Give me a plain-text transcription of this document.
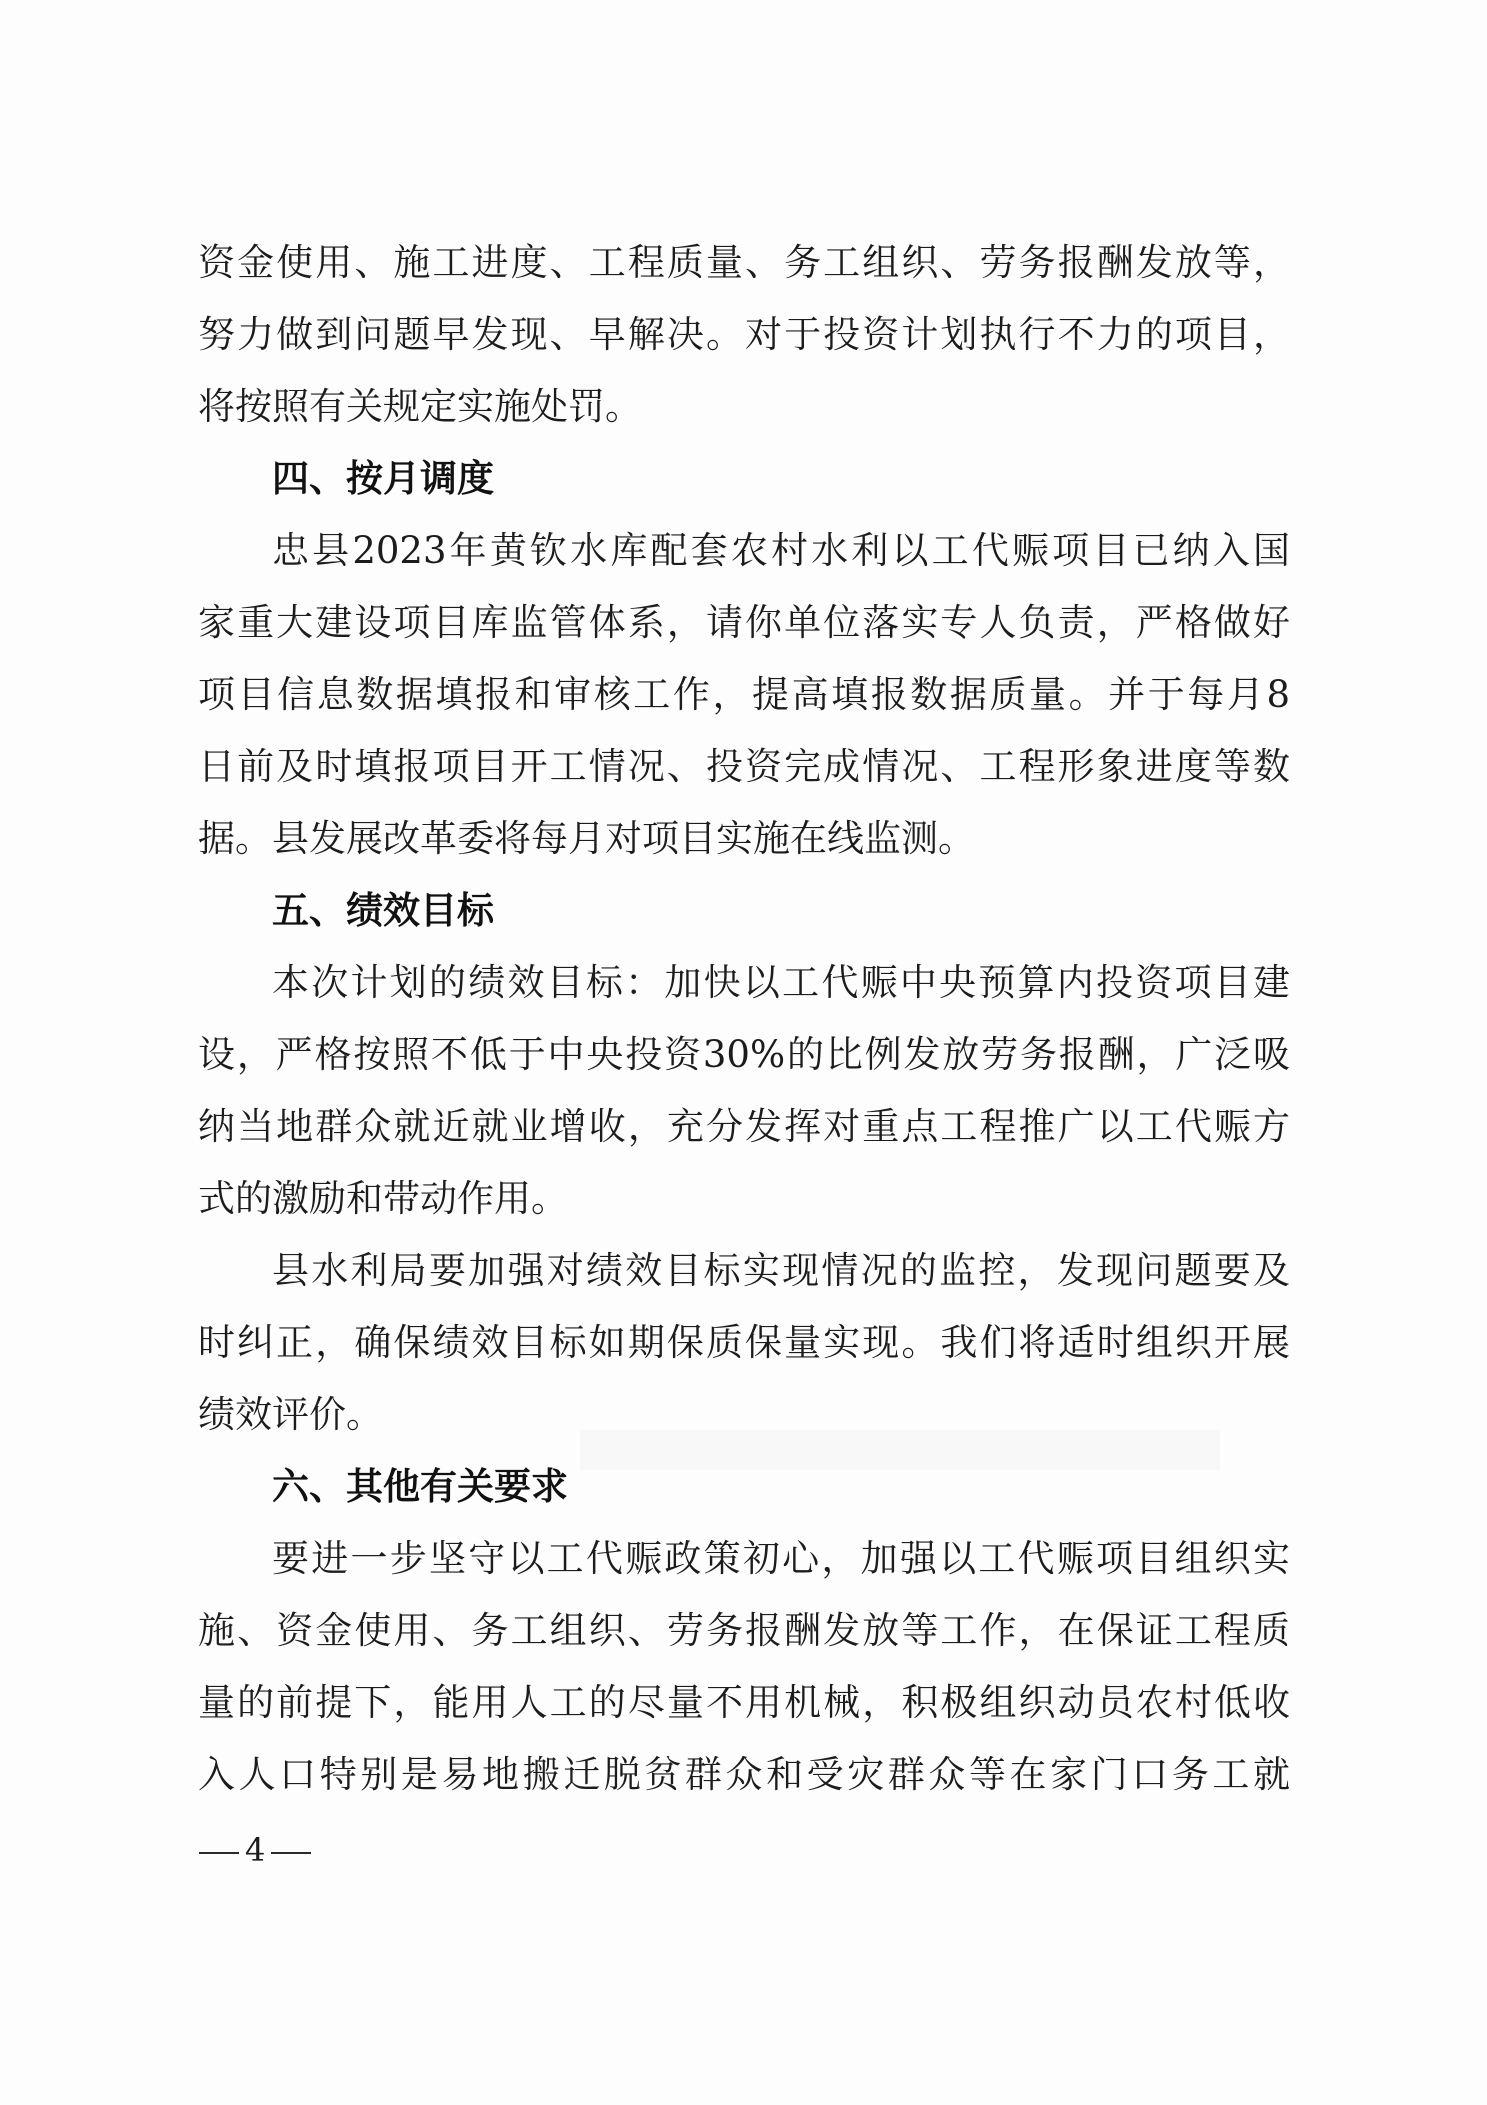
资金使用、施工进度、工程质量、务工组织、劳务报酬发放等，
努力做到问题早发现、早解决。对于投资计划执行不力的项目，
将按照有关规定实施处罚。
四、按月调度
忠县2023年黄钦水库配套农村水利以工代赈项目已纳入国
家重大建设项目库监管体系，请你单位落实专人负责，严格做好
项目信息数据填报和审核工作，提高填报数据质量。并于每月8
日前及时填报项目开工情况、投资完成情况、工程形象进度等数
据。县发展改革委将每月对项目实施在线监测。
五、绩效目标
本次计划的绩效目标：加快以工代赈中央预算内投资项目建
设，严格按照不低于中央投资30%的比例发放劳务报酬，广泛吸
纳当地群众就近就业增收，充分发挥对重点工程推广以工代赈方
式的激励和带动作用。
县水利局要加强对绩效目标实现情况的监控，发现问题要及
时纠正，确保绩效目标如期保质保量实现。我们将适时组织开展
绩效评价。
六、其他有关要求
要进一步坚守以工代赈政策初心，加强以工代赈项目组织实
施、资金使用、务工组织、劳务报酬发放等工作，在保证工程质
量的前提下，能用人工的尽量不用机械，积极组织动员农村低收
入人口特别是易地搬迁脱贫群众和受灾群众等在家门口务工就
4
